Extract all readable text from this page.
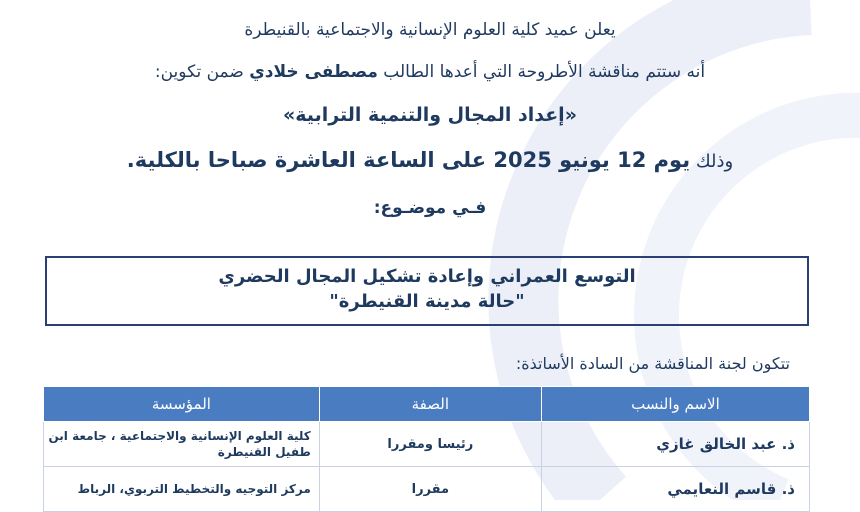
يعلن عميد كلية العلوم الإنسانية والاجتماعية بالقنيطرة
أنه ستتم مناقشة الأطروحة التي أعدها الطالب مصطفى خلادي ضمن تكوين:
«إعداد المجال والتنمية الترابية»
وذلك يوم 12 يونيو 2025 على الساعة العاشرة صباحا بالكلية.
فـي موضـوع:
التوسع العمراني وإعادة تشكيل المجال الحضري
"حالة مدينة القنيطرة"
تتكون لجنة المناقشة من السادة الأساتذة:
الاسم والنسب	الصفة	المؤسسة
ذ. عبد الخالق غازي	رئيسا ومقررا	كلية العلوم الإنسانية والاجتماعية ، جامعة ابن طفيل القنيطرة
ذ. قاسم النعايمي	مقررا	مركز التوجيه والتخطيط التربوي، الرباط
